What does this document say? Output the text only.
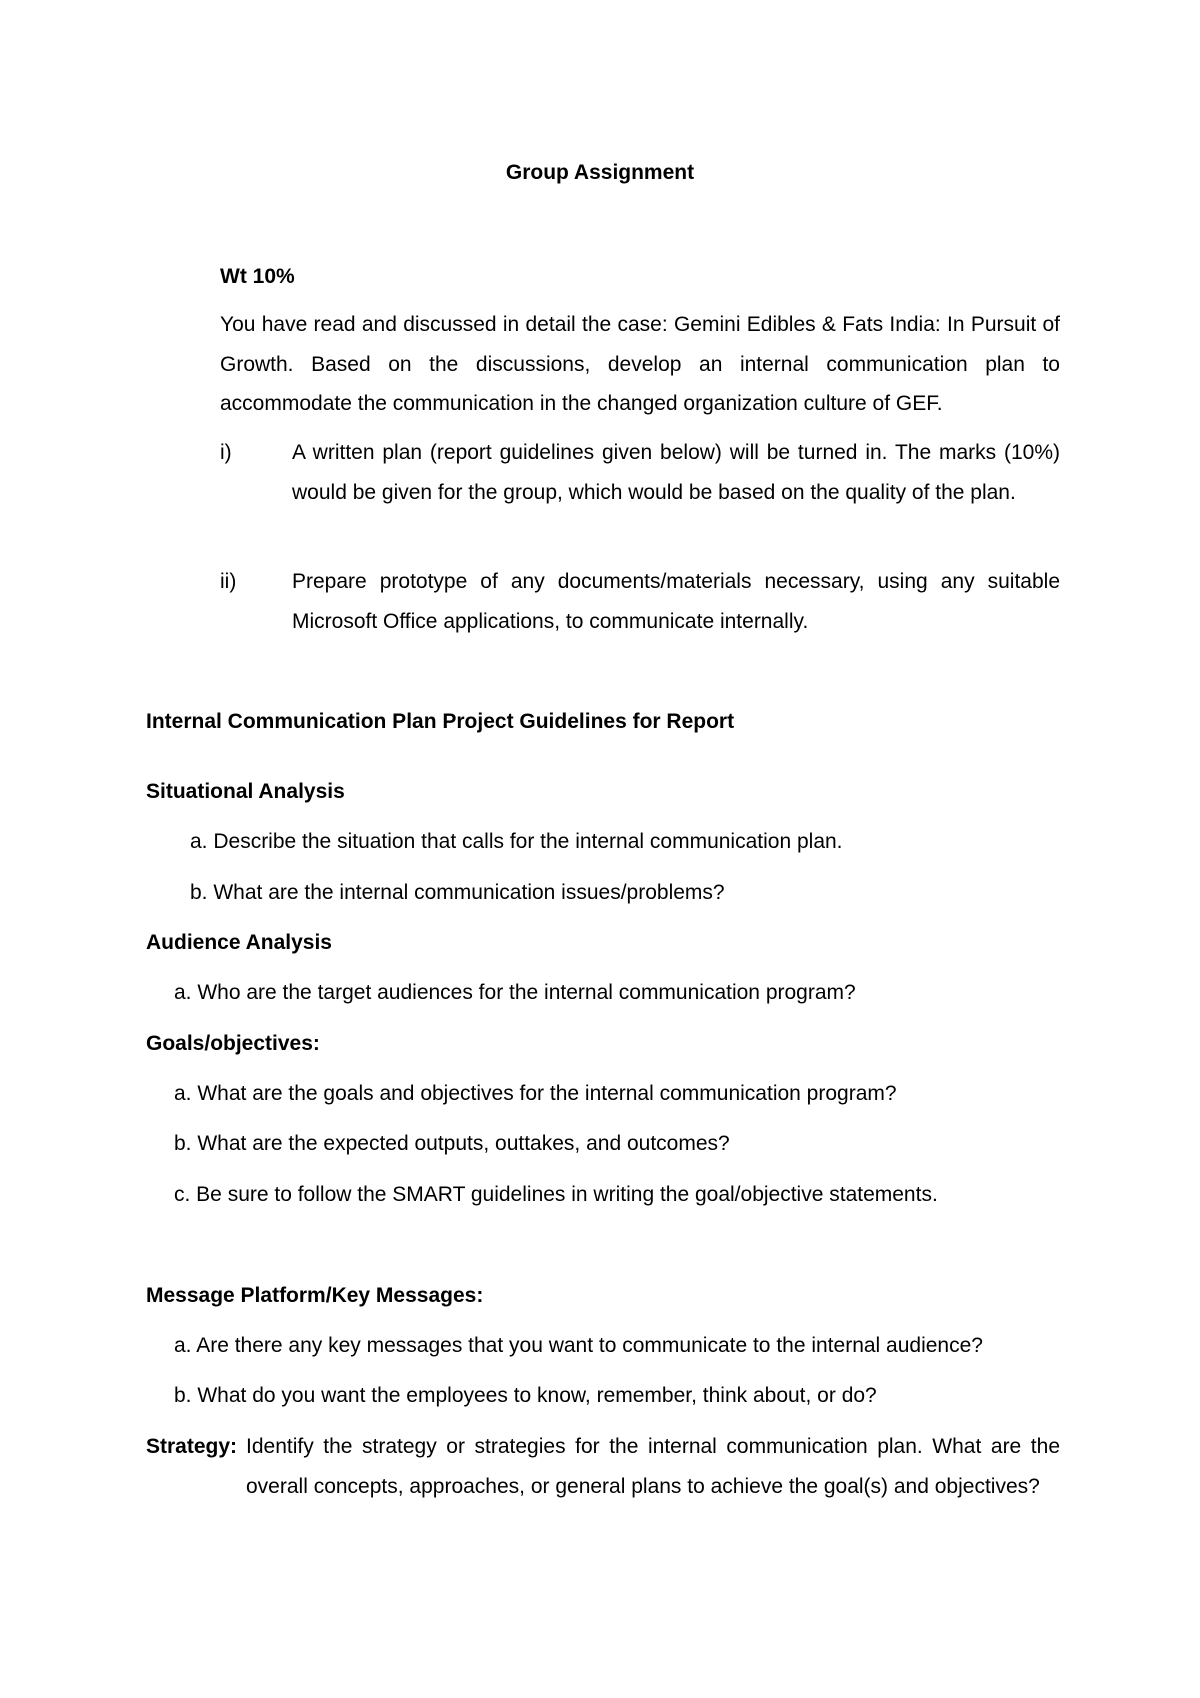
Group Assignment
Wt 10%
You have read and discussed in detail the case: Gemini Edibles & Fats India: In Pursuit of Growth. Based on the discussions, develop an internal communication plan to accommodate the communication in the changed organization culture of GEF.
i)	A written plan (report guidelines given below) will be turned in. The marks (10%) would be given for the group, which would be based on the quality of the plan.
ii)	Prepare prototype of any documents/materials necessary, using any suitable Microsoft Office applications, to communicate internally.
Internal Communication Plan Project Guidelines for Report
Situational Analysis
a. Describe the situation that calls for the internal communication plan.
b. What are the internal communication issues/problems?
Audience Analysis
a. Who are the target audiences for the internal communication program?
Goals/objectives:
a. What are the goals and objectives for the internal communication program?
b. What are the expected outputs, outtakes, and outcomes?
c. Be sure to follow the SMART guidelines in writing the goal/objective statements.
Message Platform/Key Messages:
a. Are there any key messages that you want to communicate to the internal audience?
b. What do you want the employees to know, remember, think about, or do?
Strategy: Identify the strategy or strategies for the internal communication plan. What are the overall concepts, approaches, or general plans to achieve the goal(s) and objectives?
